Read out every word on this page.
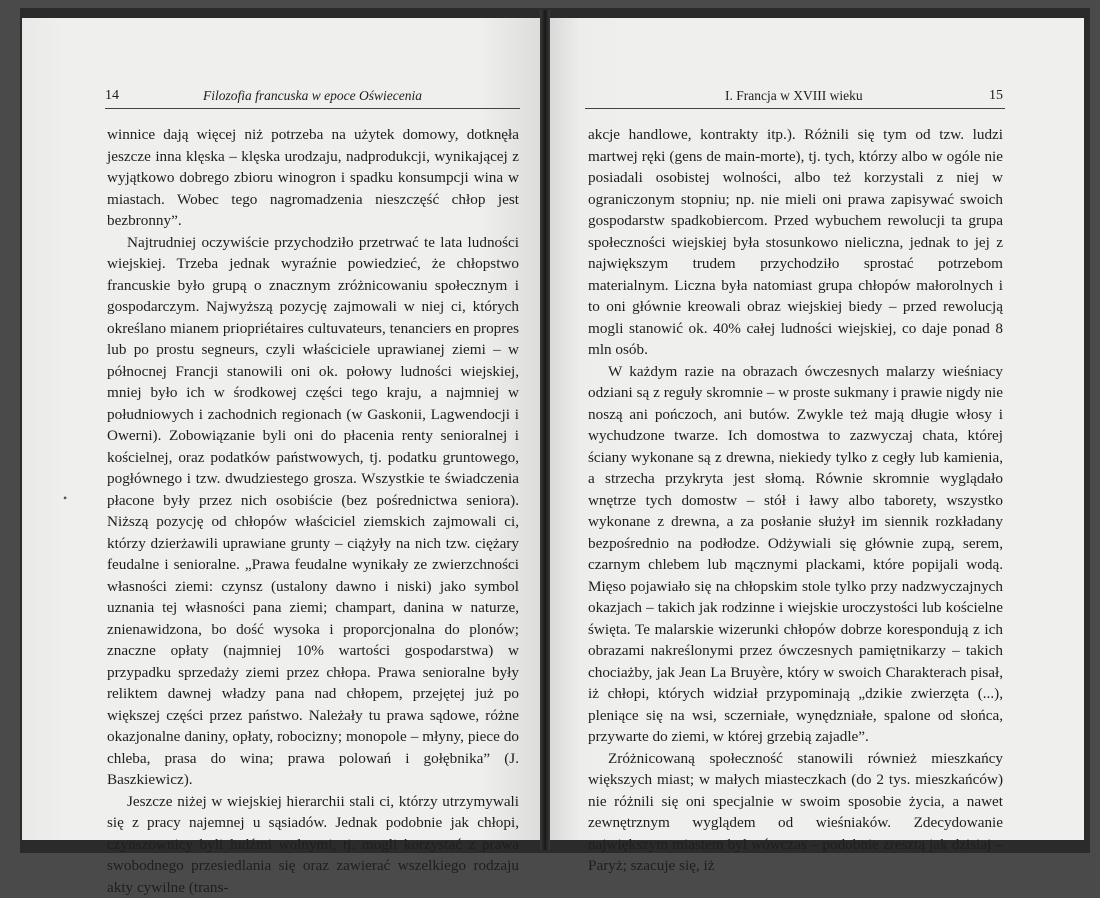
14	Filozofia francuska w epoce Oświecenia	I. Francja w XVIII wieku	15

winnice dają więcej niż potrzeba na użytek domowy, dotknęła jeszcze inna klęska – klęska urodzaju, nadprodukcji, wynikającej z wyjątkowo dobrego zbioru winogron i spadku konsumpcji wina w miastach. Wobec tego nagromadzenia nieszczęść chłop jest bezbronny”.

Najtrudniej oczywiście przychodziło przetrwać te lata ludności wiejskiej. Trzeba jednak wyraźnie powiedzieć, że chłopstwo francuskie było grupą o znacznym zróżnicowaniu społecznym i gospodarczym. Najwyższą pozycję zajmowali w niej ci, których określano mianem priopriétaires cultuvateurs, tenanciers en propres lub po prostu segneurs, czyli właściciele uprawianej ziemi – w północnej Francji stanowili oni ok. połowy ludności wiejskiej, mniej było ich w środkowej części tego kraju, a najmniej w południowych i zachodnich regionach (w Gaskonii, Lagwendocji i Owerni). Zobowiązanie byli oni do płacenia renty senioralnej i kościelnej, oraz podatków państwowych, tj. podatku gruntowego, pogłównego i tzw. dwudziestego grosza. Wszystkie te świadczenia płacone były przez nich osobiście (bez pośrednictwa seniora). Niższą pozycję od chłopów właściciel ziemskich zajmowali ci, którzy dzierżawili uprawiane grunty – ciążyły na nich tzw. ciężary feudalne i senioralne. „Prawa feudalne wynikały ze zwierzchności własności ziemi: czynsz (ustalony dawno i niski) jako symbol uznania tej własności pana ziemi; champart, danina w naturze, znienawidzona, bo dość wysoka i proporcjonalna do plonów; znaczne opłaty (najmniej 10% wartości gospodarstwa) w przypadku sprzedaży ziemi przez chłopa. Prawa senioralne były reliktem dawnej władzy pana nad chłopem, przejętej już po większej części przez państwo. Należały tu prawa sądowe, różne okazjonalne daniny, opłaty, robocizny; monopole – młyny, piece do chleba, prasa do wina; prawa polowań i gołębnika” (J. Baszkiewicz).

Jeszcze niżej w wiejskiej hierarchii stali ci, którzy utrzymywali się z pracy najemnej u sąsiadów. Jednak podobnie jak chłopi, czynszownicy byli ludźmi wolnymi, tj. mogli korzystać z prawa swobodnego przesiedlania się oraz zawierać wszelkiego rodzaju akty cywilne (trans-

•

akcje handlowe, kontrakty itp.). Różnili się tym od tzw. ludzi martwej ręki (gens de main-morte), tj. tych, którzy albo w ogóle nie posiadali osobistej wolności, albo też korzystali z niej w ograniczonym stopniu; np. nie mieli oni prawa zapisywać swoich gospodarstw spadkobiercom. Przed wybuchem rewolucji ta grupa społeczności wiejskiej była stosunkowo nieliczna, jednak to jej z największym trudem przychodziło sprostać potrzebom materialnym. Liczna była natomiast grupa chłopów małorolnych i to oni głównie kreowali obraz wiejskiej biedy – przed rewolucją mogli stanowić ok. 40% całej ludności wiejskiej, co daje ponad 8 mln osób.

W każdym razie na obrazach ówczesnych malarzy wieśniacy odziani są z reguły skromnie – w proste sukmany i prawie nigdy nie noszą ani pończoch, ani butów. Zwykle też mają długie włosy i wychudzone twarze. Ich domostwa to zazwyczaj chata, której ściany wykonane są z drewna, niekiedy tylko z cegły lub kamienia, a strzecha przykryta jest słomą. Równie skromnie wyglądało wnętrze tych domostw – stół i ławy albo taborety, wszystko wykonane z drewna, a za posłanie służył im siennik rozkładany bezpośrednio na podłodze. Odżywiali się głównie zupą, serem, czarnym chlebem lub mącznymi plackami, które popijali wodą. Mięso pojawiało się na chłopskim stole tylko przy nadzwyczajnych okazjach – takich jak rodzinne i wiejskie uroczystości lub kościelne święta. Te malarskie wizerunki chłopów dobrze korespondują z ich obrazami nakreślonymi przez ówczesnych pamiętnikarzy – takich chociażby, jak Jean La Bruyère, który w swoich Charakterach pisał, iż chłopi, których widział przypominają „dzikie zwierzęta (...), pleniące się na wsi, sczerniałe, wynędzniałe, spalone od słońca, przywarte do ziemi, w której grzebią zajadle”.

Zróżnicowaną społeczność stanowili również mieszkańcy większych miast; w małych miasteczkach (do 2 tys. mieszkańców) nie różnili się oni specjalnie w swoim sposobie życia, a nawet zewnętrznym wyglądem od wieśniaków. Zdecydowanie największym miastem był wówczas – podobnie zresztą jak dzisiaj – Paryż; szacuje się, iż
